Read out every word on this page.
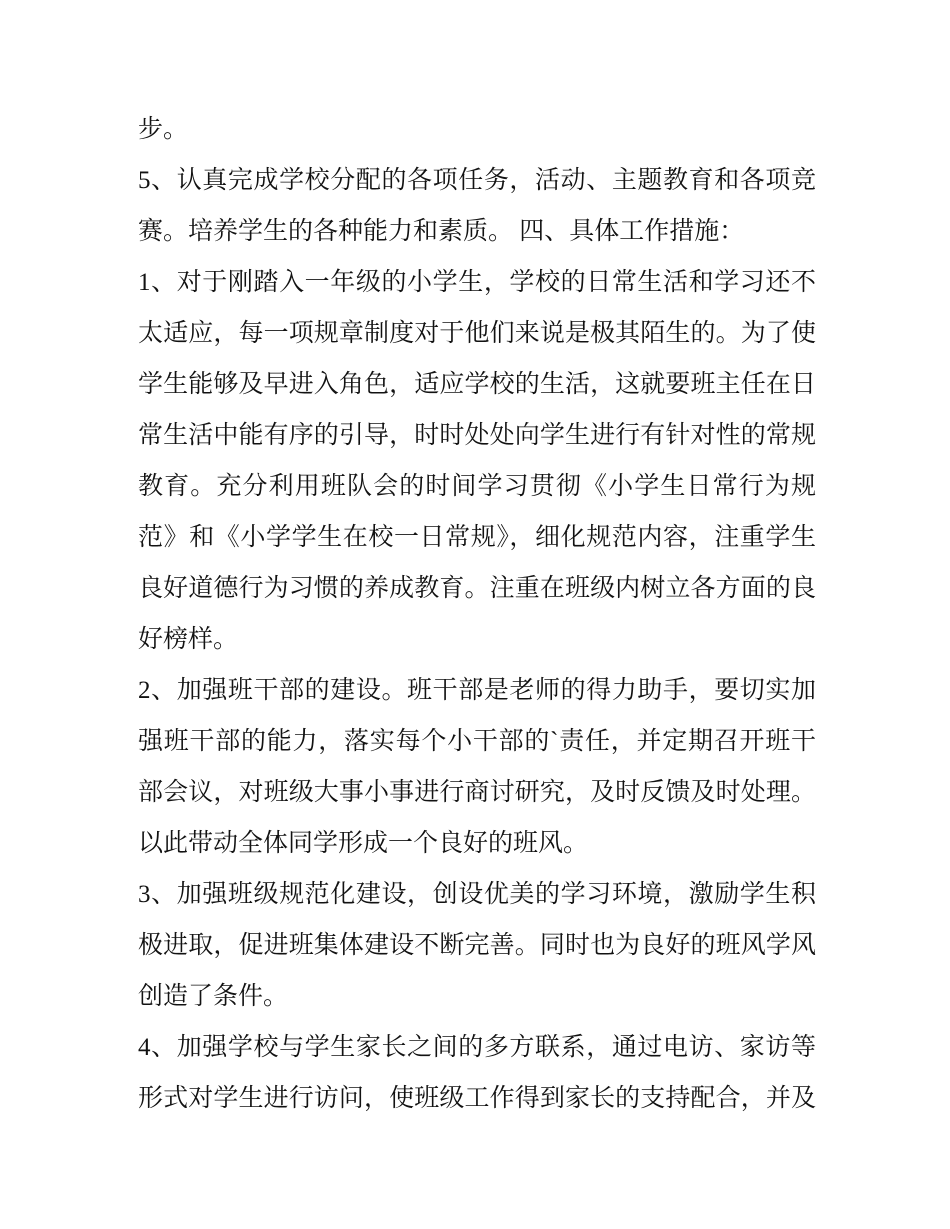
步。
5、认真完成学校分配的各项任务，活动、主题教育和各项竞
赛。培养学生的各种能力和素质。 四、具体工作措施：
1、对于刚踏入一年级的小学生，学校的日常生活和学习还不
太适应，每一项规章制度对于他们来说是极其陌生的。为了使
学生能够及早进入角色，适应学校的生活，这就要班主任在日
常生活中能有序的引导，时时处处向学生进行有针对性的常规
教育。充分利用班队会的时间学习贯彻《小学生日常行为规
范》和《小学学生在校一日常规》，细化规范内容，注重学生
良好道德行为习惯的养成教育。注重在班级内树立各方面的良
好榜样。
2、加强班干部的建设。班干部是老师的得力助手，要切实加
强班干部的能力，落实每个小干部的`责任，并定期召开班干
部会议，对班级大事小事进行商讨研究，及时反馈及时处理。
以此带动全体同学形成一个良好的班风。
3、加强班级规范化建设，创设优美的学习环境，激励学生积
极进取，促进班集体建设不断完善。同时也为良好的班风学风
创造了条件。
4、加强学校与学生家长之间的多方联系，通过电访、家访等
形式对学生进行访问，使班级工作得到家长的支持配合，并及
